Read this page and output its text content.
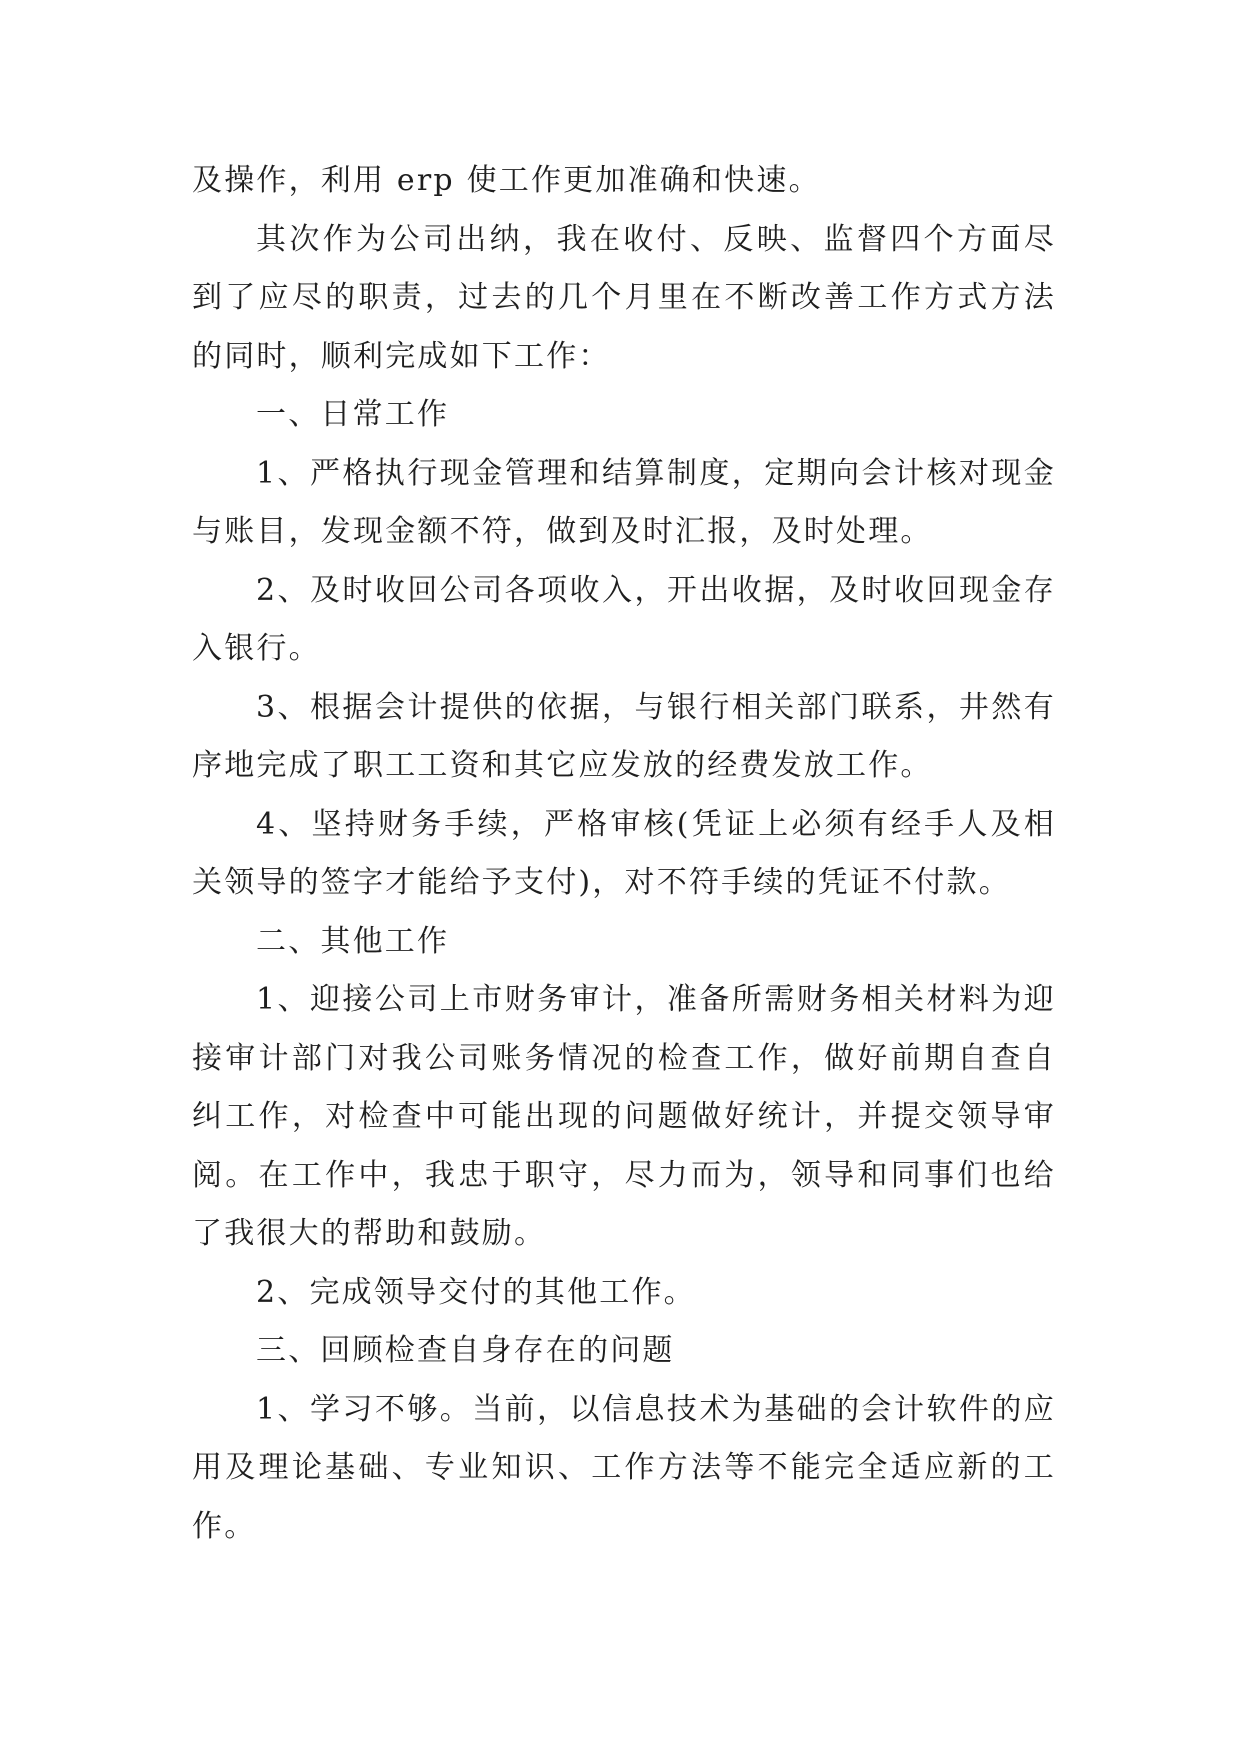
及操作，利用 erp 使工作更加准确和快速。

其次作为公司出纳，我在收付、反映、监督四个方面尽到了应尽的职责，过去的几个月里在不断改善工作方式方法的同时，顺利完成如下工作：

一、日常工作

1、严格执行现金管理和结算制度，定期向会计核对现金与账目，发现金额不符，做到及时汇报，及时处理。

2、及时收回公司各项收入，开出收据，及时收回现金存入银行。

3、根据会计提供的依据，与银行相关部门联系，井然有序地完成了职工工资和其它应发放的经费发放工作。

4、坚持财务手续，严格审核(凭证上必须有经手人及相关领导的签字才能给予支付)，对不符手续的凭证不付款。

二、其他工作

1、迎接公司上市财务审计，准备所需财务相关材料为迎接审计部门对我公司账务情况的检查工作，做好前期自查自纠工作，对检查中可能出现的问题做好统计，并提交领导审阅。在工作中，我忠于职守，尽力而为，领导和同事们也给了我很大的帮助和鼓励。

2、完成领导交付的其他工作。

三、回顾检查自身存在的问题

1、学习不够。当前，以信息技术为基础的会计软件的应用及理论基础、专业知识、工作方法等不能完全适应新的工作。
